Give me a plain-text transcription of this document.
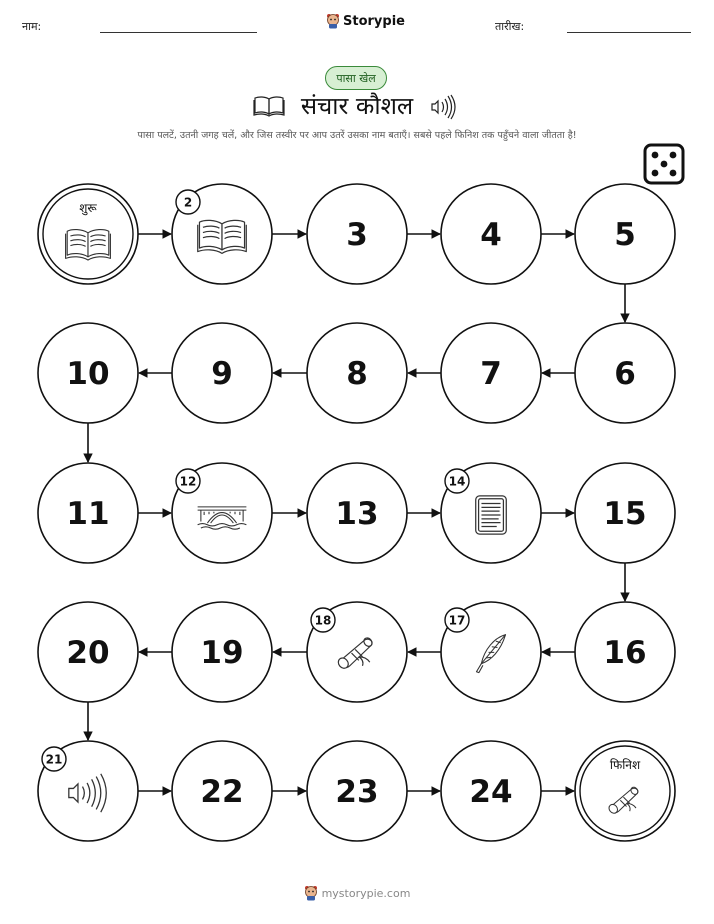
नाम:	Storypie	तारीख:
पासा खेल
संचार कौशल
पासा पलटें, उतनी जगह चलें, और जिस तस्वीर पर आप उतरें उसका नाम बताएँ। सबसे पहले फिनिश तक पहुँचने वाला जीतता है!
शुरू	2
3	4	5
6
7
8
9
10
11
12
13
14
15
16
17
18
19
20
21
22	23	24
फिनिश
mystorypie.com
